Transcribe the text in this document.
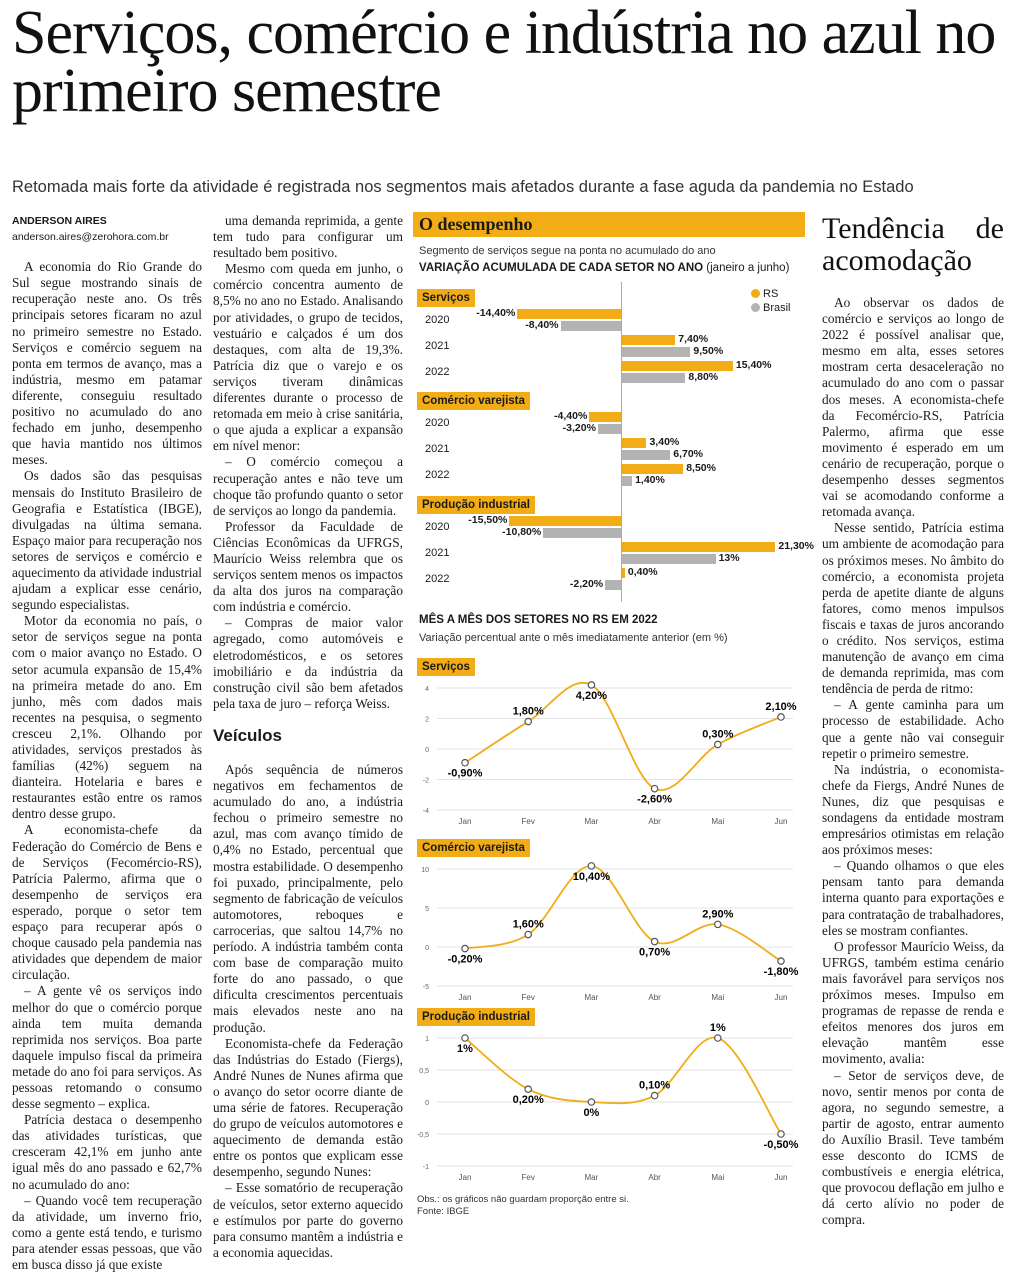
Serviços, comércio e indústria no azul no primeiro semestre
Retomada mais forte da atividade é registrada nos segmentos mais afetados durante a fase aguda da pandemia no Estado

ANDERSON AIRES

anderson.aires@zerohora.com.br

A economia do Rio Grande do Sul segue mostrando sinais de recuperação neste ano. Os três principais setores ficaram no azul no primeiro semestre no Estado. Serviços e comércio seguem na ponta em termos de avanço, mas a indústria, mesmo em patamar diferente, conseguiu resultado positivo no acumulado do ano fechado em junho, desempenho que havia mantido nos últimos meses.

Os dados são das pesquisas mensais do Instituto Brasileiro de Geografia e Estatística (IBGE), divulgadas na última semana. Espaço maior para recuperação nos setores de serviços e comércio e aquecimento da atividade industrial ajudam a explicar esse cenário, segundo especialistas.

Motor da economia no país, o setor de serviços segue na ponta com o maior avanço no Estado. O setor acumula expansão de 15,4% na primeira metade do ano. Em junho, mês com dados mais recentes na pesquisa, o segmento cresceu 2,1%. Olhando por atividades, serviços prestados às famílias (42%) seguem na dianteira. Hotelaria e bares e restaurantes estão entre os ramos dentro desse grupo.

A economista-chefe da Federação do Comércio de Bens e de Serviços (Fecomércio-RS), Patrícia Palermo, afirma que o desempenho de serviços era esperado, porque o setor tem espaço para recuperar após o choque causado pela pandemia nas atividades que dependem de maior circulação.

– A gente vê os serviços indo melhor do que o comércio porque ainda tem muita demanda reprimida nos serviços. Boa parte daquele impulso fiscal da primeira metade do ano foi para serviços. As pessoas retomando o consumo desse segmento – explica.

Patrícia destaca o desempenho das atividades turísticas, que cresceram 42,1% em junho ante igual mês do ano passado e 62,7% no acumulado do ano:

– Quando você tem recuperação da atividade, um inverno frio, como a gente está tendo, e turismo para atender essas pessoas, que vão em busca disso já que existe

uma demanda reprimida, a gente tem tudo para configurar um resultado bem positivo.

Mesmo com queda em junho, o comércio concentra aumento de 8,5% no ano no Estado. Analisando por atividades, o grupo de tecidos, vestuário e calçados é um dos destaques, com alta de 19,3%. Patrícia diz que o varejo e os serviços tiveram dinâmicas diferentes durante o processo de retomada em meio à crise sanitária, o que ajuda a explicar a expansão em nível menor:

– O comércio começou a recuperação antes e não teve um choque tão profundo quanto o setor de serviços ao longo da pandemia.

Professor da Faculdade de Ciências Econômicas da UFRGS, Maurício Weiss relembra que os serviços sentem menos os impactos da alta dos juros na comparação com indústria e comércio.

– Compras de maior valor agregado, como automóveis e eletrodomésticos, e os setores imobiliário e da indústria da construção civil são bem afetados pela taxa de juro – reforça Weiss.

Veículos

Após sequência de números negativos em fechamentos de acumulado do ano, a indústria fechou o primeiro semestre no azul, mas com avanço tímido de 0,4% no Estado, percentual que mostra estabilidade. O desempenho foi puxado, principalmente, pelo segmento de fabricação de veículos automotores, reboques e carrocerias, que saltou 14,7% no período. A indústria também conta com base de comparação muito forte do ano passado, o que dificulta crescimentos percentuais mais elevados neste ano na produção.

Economista-chefe da Federação das Indústrias do Estado (Fiergs), André Nunes de Nunes afirma que o avanço do setor ocorre diante de uma série de fatores. Recuperação do grupo de veículos automotores e aquecimento de demanda estão entre os pontos que explicam esse desempenho, segundo Nunes:

– Esse somatório de recuperação de veículos, setor externo aquecido e estímulos por parte do governo para consumo mantêm a indústria e a economia aquecidas.

O desempenho
Segmento de serviços segue na ponta no acumulado do ano
VARIAÇÃO ACUMULADA DE CADA SETOR NO ANO (janeiro a junho)
RS
Brasil
Serviços
2020
-14,40%
-8,40%
2021
7,40%
9,50%
2022
15,40%
8,80%
Comércio varejista
2020
-4,40%
-3,20%
2021
3,40%
6,70%
2022
8,50%
1,40%
Produção industrial
2020
-15,50%
-10,80%
2021
21,30%
13%
2022
0,40%
-2,20%
MÊS A MÊS DOS SETORES NO RS EM 2022
Variação percentual ante o mês imediatamente anterior (em %)
Serviços
4
2
0
-2
-4
-0,90%
Jan
1,80%
Fev
4,20%
Mar
-2,60%
Abr
0,30%
Mai
2,10%
Jun
Comércio varejista
10
5
0
-5
-0,20%
Jan
1,60%
Fev
10,40%
Mar
0,70%
Abr
2,90%
Mai
-1,80%
Jun
Produção industrial
1
0,5
0
-0,5
-1
1%
Jan
0,20%
Fev
0%
Mar
0,10%
Abr
1%
Mai
-0,50%
Jun
Obs.: os gráficos não guardam proporção entre si.
Fonte: IBGE
Tendência de acomodação

Ao observar os dados de comércio e serviços ao longo de 2022 é possível analisar que, mesmo em alta, esses setores mostram certa desaceleração no acumulado do ano com o passar dos meses. A economista-chefe da Fecomércio-RS, Patrícia Palermo, afirma que esse movimento é esperado em um cenário de recuperação, porque o desempenho desses segmentos vai se acomodando conforme a retomada avança.

Nesse sentido, Patrícia estima um ambiente de acomodação para os próximos meses. No âmbito do comércio, a economista projeta perda de apetite diante de alguns fatores, como menos impulsos fiscais e taxas de juros ancorando o crédito. Nos serviços, estima manutenção de avanço em cima de demanda reprimida, mas com tendência de perda de ritmo:

– A gente caminha para um processo de estabilidade. Acho que a gente não vai conseguir repetir o primeiro semestre.

Na indústria, o economista-chefe da Fiergs, André Nunes de Nunes, diz que pesquisas e sondagens da entidade mostram empresários otimistas em relação aos próximos meses:

– Quando olhamos o que eles pensam tanto para demanda interna quanto para exportações e para contratação de trabalhadores, eles se mostram confiantes.

O professor Maurício Weiss, da UFRGS, também estima cenário mais favorável para serviços nos próximos meses. Impulso em programas de repasse de renda e efeitos menores dos juros em elevação mantêm esse movimento, avalia:

– Setor de serviços deve, de novo, sentir menos por conta de agora, no segundo semestre, a partir de agosto, entrar aumento do Auxílio Brasil. Teve também esse desconto do ICMS de combustíveis e energia elétrica, que provocou deflação em julho e dá certo alívio no poder de compra.
